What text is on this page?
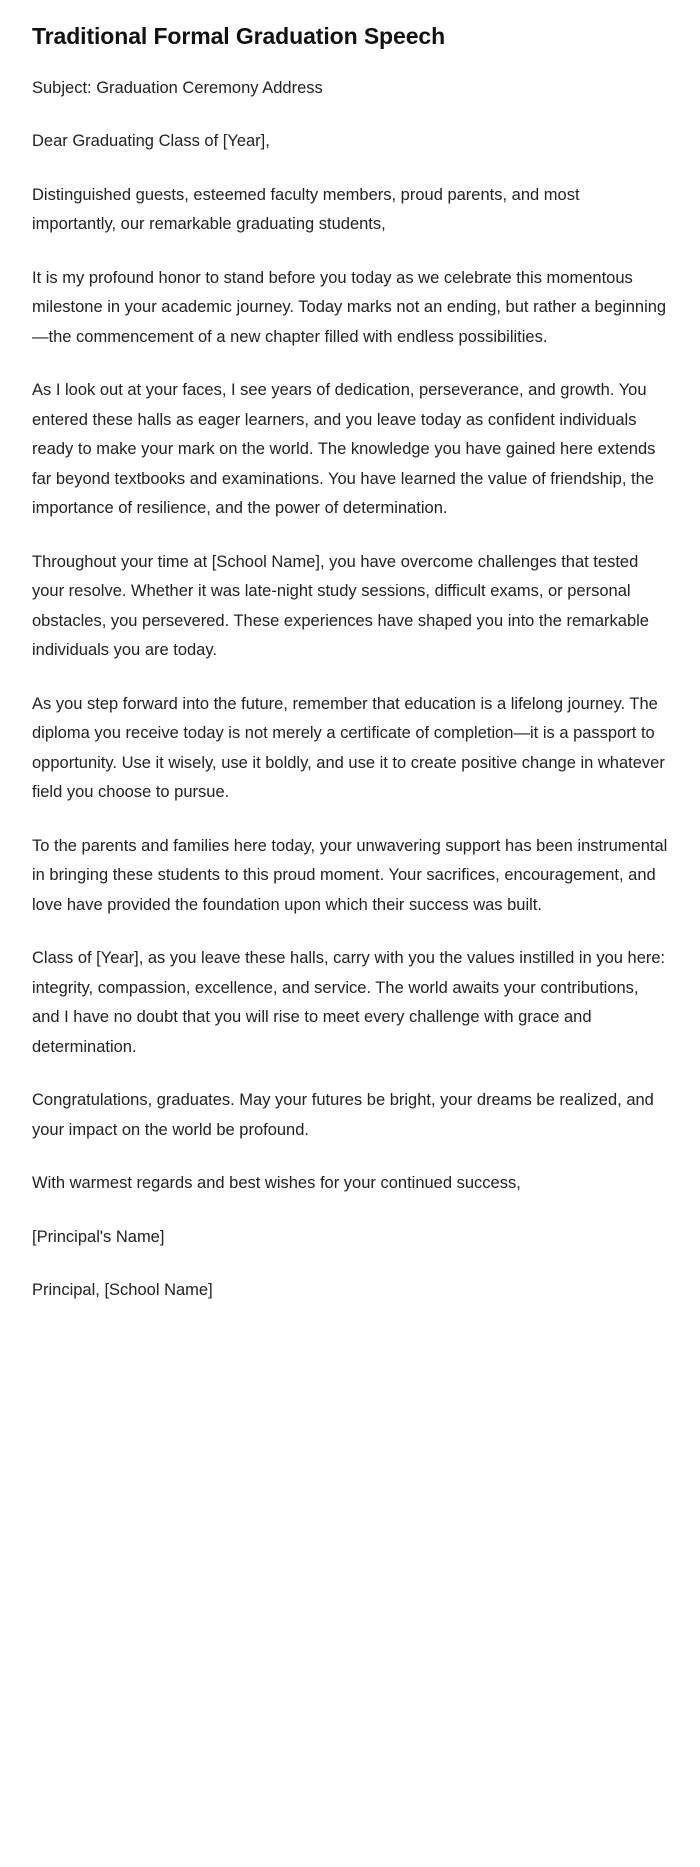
Traditional Formal Graduation Speech

Subject: Graduation Ceremony Address

Dear Graduating Class of [Year],

Distinguished guests, esteemed faculty members, proud parents, and most importantly, our remarkable graduating students,

It is my profound honor to stand before you today as we celebrate this momentous milestone in your academic journey. Today marks not an ending, but rather a beginning—the commencement of a new chapter filled with endless possibilities.

As I look out at your faces, I see years of dedication, perseverance, and growth. You entered these halls as eager learners, and you leave today as confident individuals ready to make your mark on the world. The knowledge you have gained here extends far beyond textbooks and examinations. You have learned the value of friendship, the importance of resilience, and the power of determination.

Throughout your time at [School Name], you have overcome challenges that tested your resolve. Whether it was late-night study sessions, difficult exams, or personal obstacles, you persevered. These experiences have shaped you into the remarkable individuals you are today.

As you step forward into the future, remember that education is a lifelong journey. The diploma you receive today is not merely a certificate of completion—it is a passport to opportunity. Use it wisely, use it boldly, and use it to create positive change in whatever field you choose to pursue.

To the parents and families here today, your unwavering support has been instrumental in bringing these students to this proud moment. Your sacrifices, encouragement, and love have provided the foundation upon which their success was built.

Class of [Year], as you leave these halls, carry with you the values instilled in you here: integrity, compassion, excellence, and service. The world awaits your contributions, and I have no doubt that you will rise to meet every challenge with grace and determination.

Congratulations, graduates. May your futures be bright, your dreams be realized, and your impact on the world be profound.

With warmest regards and best wishes for your continued success,

[Principal's Name]

Principal, [School Name]
